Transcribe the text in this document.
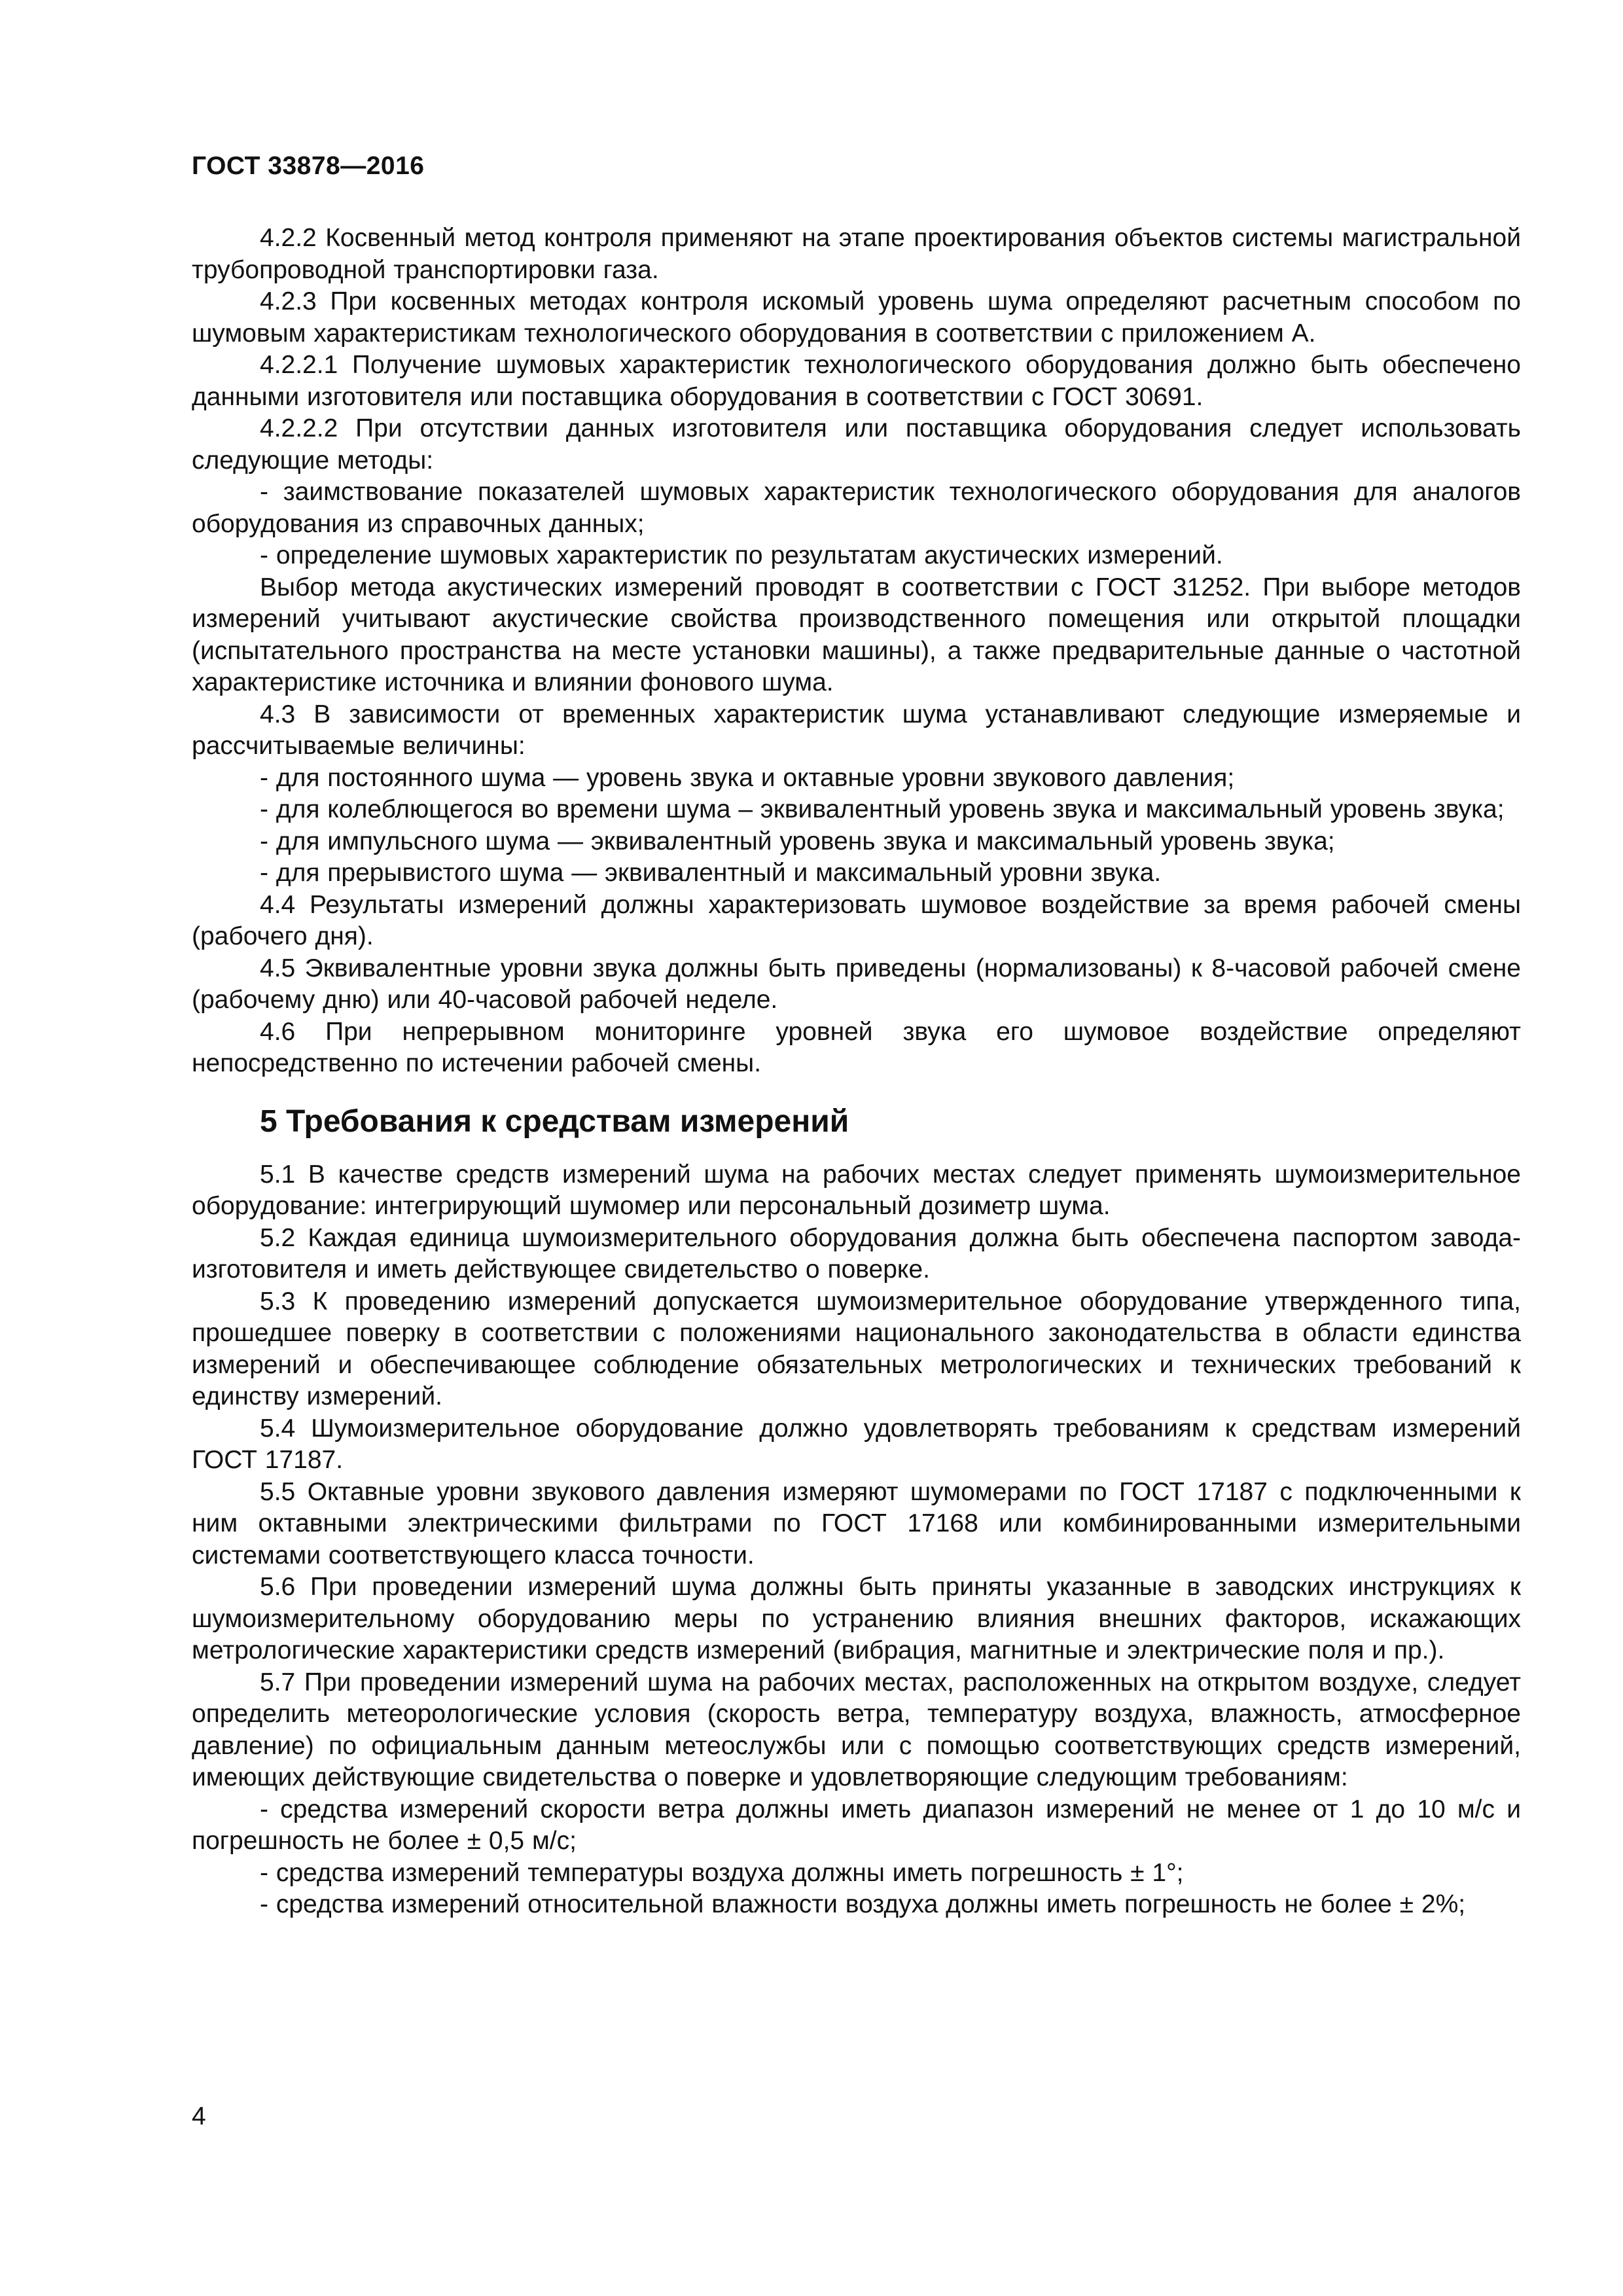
ГОСТ 33878—2016

4.2.2 Косвенный метод контроля применяют на этапе проектирования объектов системы магистральной трубопроводной транспортировки газа.

4.2.3 При косвенных методах контроля искомый уровень шума определяют расчетным способом по шумовым характеристикам технологического оборудования в соответствии с приложением А.

4.2.2.1 Получение шумовых характеристик технологического оборудования должно быть обеспечено данными изготовителя или поставщика оборудования в соответствии с ГОСТ 30691.

4.2.2.2 При отсутствии данных изготовителя или поставщика оборудования следует использовать следующие методы:

- заимствование показателей шумовых характеристик технологического оборудования для аналогов оборудования из справочных данных;

- определение шумовых характеристик по результатам акустических измерений.

Выбор метода акустических измерений проводят в соответствии с ГОСТ 31252. При выборе методов измерений учитывают акустические свойства производственного помещения или открытой площадки (испытательного пространства на месте установки машины), а также предварительные данные о частотной характеристике источника и влиянии фонового шума.

4.3 В зависимости от временных характеристик шума устанавливают следующие измеряемые и рассчитываемые величины:

- для постоянного шума — уровень звука и октавные уровни звукового давления;

- для колеблющегося во времени шума – эквивалентный уровень звука и максимальный уровень звука;

- для импульсного шума — эквивалентный уровень звука и максимальный уровень звука;

- для прерывистого шума — эквивалентный и максимальный уровни звука.

4.4 Результаты измерений должны характеризовать шумовое воздействие за время рабочей смены (рабочего дня).

4.5 Эквивалентные уровни звука должны быть приведены (нормализованы) к 8-часовой рабочей смене (рабочему дню) или 40-часовой рабочей неделе.

4.6 При непрерывном мониторинге уровней звука его шумовое воздействие определяют непосредственно по истечении рабочей смены.

5 Требования к средствам измерений

5.1 В качестве средств измерений шума на рабочих местах следует применять шумоизмерительное оборудование: интегрирующий шумомер или персональный дозиметр шума.

5.2 Каждая единица шумоизмерительного оборудования должна быть обеспечена паспортом завода-изготовителя и иметь действующее свидетельство о поверке.

5.3 К проведению измерений допускается шумоизмерительное оборудование утвержденного типа, прошедшее поверку в соответствии с положениями национального законодательства в области единства измерений и обеспечивающее соблюдение обязательных метрологических и технических требований к единству измерений.

5.4 Шумоизмерительное оборудование должно удовлетворять требованиям к средствам измерений ГОСТ 17187.

5.5 Октавные уровни звукового давления измеряют шумомерами по ГОСТ 17187 с подключенными к ним октавными электрическими фильтрами по ГОСТ 17168 или комбинированными измерительными системами соответствующего класса точности.

5.6 При проведении измерений шума должны быть приняты указанные в заводских инструкциях к шумоизмерительному оборудованию меры по устранению влияния внешних факторов, искажающих метрологические характеристики средств измерений (вибрация, магнитные и электрические поля и пр.).

5.7 При проведении измерений шума на рабочих местах, расположенных на открытом воздухе, следует определить метеорологические условия (скорость ветра, температуру воздуха, влажность, атмосферное давление) по официальным данным метеослужбы или с помощью соответствующих средств измерений, имеющих действующие свидетельства о поверке и удовлетворяющие следующим требованиям:

- средства измерений скорости ветра должны иметь диапазон измерений не менее от 1 до 10 м/с и погрешность не более ± 0,5 м/с;

- средства измерений температуры воздуха должны иметь погрешность ± 1°;

- средства измерений относительной влажности воздуха должны иметь погрешность не более ± 2%;

4
